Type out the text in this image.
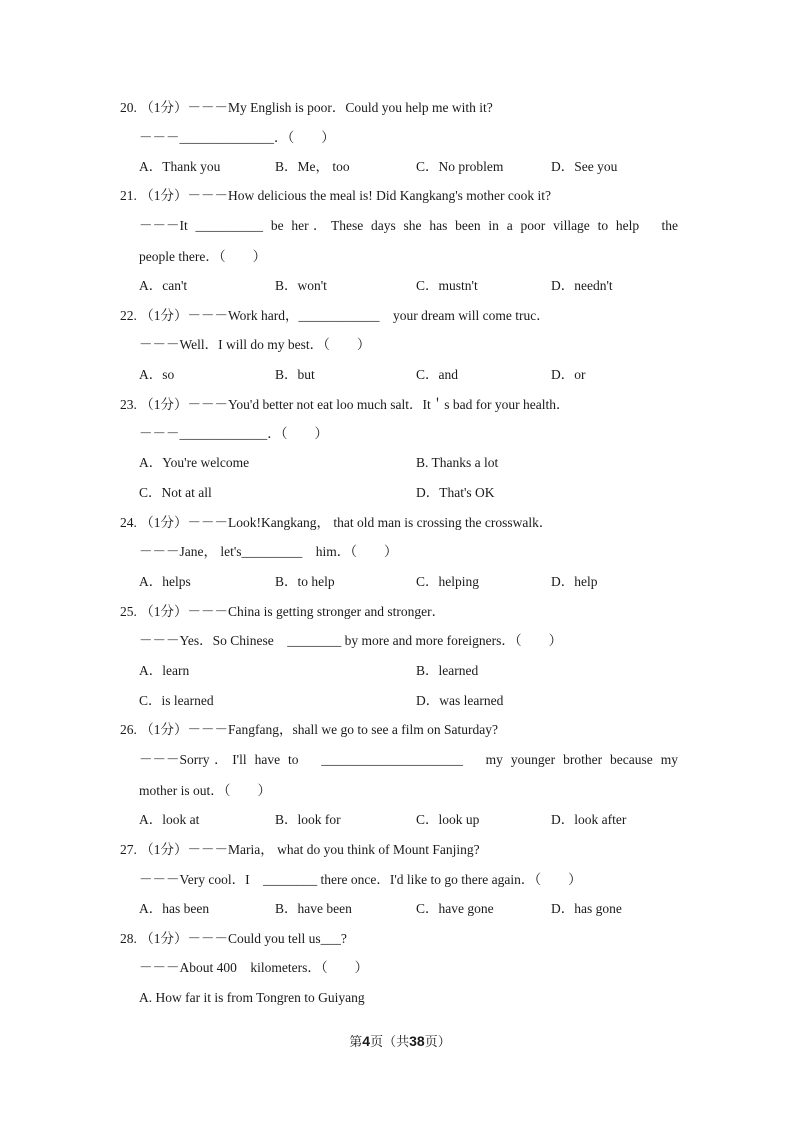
20. （1分）－－－My English is poor．Could you help me with it?
－－－______________．（　　）
A．Thank you	B．Me， too	C．No problem	D．See you
21. （1分）－－－How delicious the meal is! Did Kangkang's mother cook it?
－－－It __________ be her．These days she has been in a poor village to help　the
people there．（　　）
A．can't	B．won't	C．mustn't	D．needn't
22. （1分）－－－Work hard，____________　your dream will come truc．
－－－Well．I will do my best．（　　）
A．so	B．but	C．and	D．or
23. （1分）－－－You'd better not eat loo much salt．It＇s bad for your health．
－－－_____________．（　　）
A．You're welcome	B. Thanks a lot
C．Not at all	D．That's OK
24. （1分）－－－Look!Kangkang， that old man is crossing the crosswalk．
－－－Jane， let's_________　him．（　　）
A．helps	B．to help	C．helping	D．help
25. （1分）－－－China is getting stronger and stronger．
－－－Yes．So Chinese　________ by more and more foreigners．（　　）
A．learn	B．learned
C．is learned	D．was learned
26. （1分）－－－Fangfang，shall we go to see a film on Saturday?
－－－Sorry．I'll have to　_____________________　my younger brother because my
mother is out．（　　）
A．look at	B．look for	C．look up	D．look after
27. （1分）－－－Maria， what do you think of Mount Fanjing?
－－－Very cool．I　________ there once．I'd like to go there again．（　　）
A．has been	B．have been	C．have gone	D．has gone
28. （1分）－－－Could you tell us___?
－－－About 400　kilometers．（　　）
A. How far it is from Tongren to Guiyang
第4页（共38页）
